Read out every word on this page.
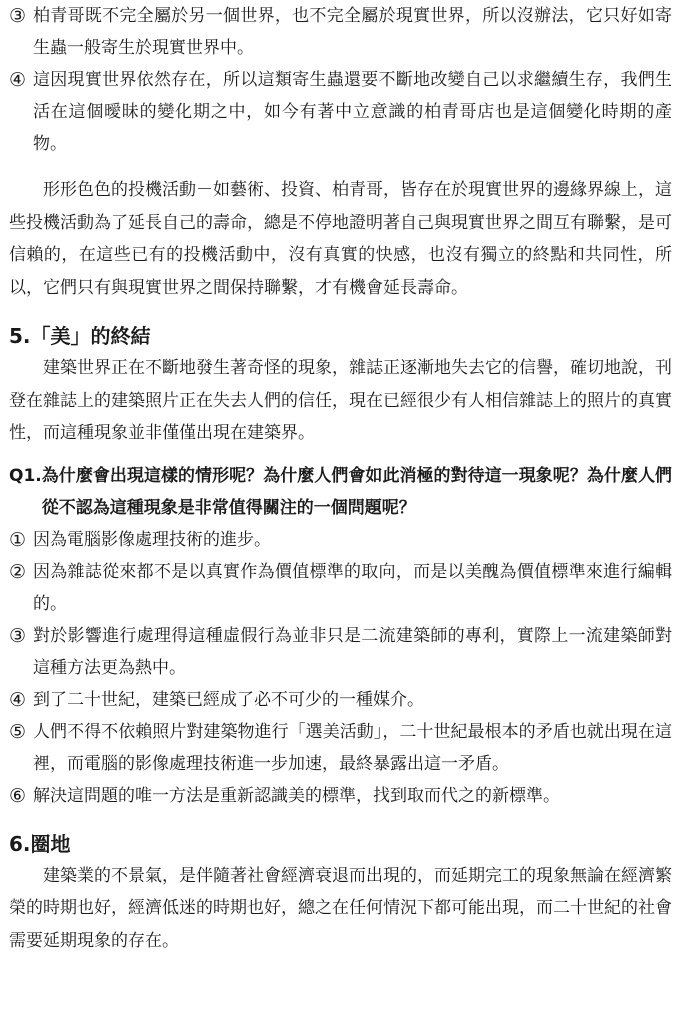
③ 柏青哥既不完全屬於另一個世界，也不完全屬於現實世界，所以沒辦法，它只好如寄生蟲一般寄生於現實世界中。
④ 這因現實世界依然存在，所以這類寄生蟲還要不斷地改變自己以求繼續生存，我們生活在這個曖昧的變化期之中，如今有著中立意識的柏青哥店也是這個變化時期的產物。

形形色色的投機活動－如藝術、投資、柏青哥，皆存在於現實世界的邊緣界線上，這些投機活動為了延長自己的壽命，總是不停地證明著自己與現實世界之間互有聯繫，是可信賴的，在這些已有的投機活動中，沒有真實的快感，也沒有獨立的終點和共同性，所以，它們只有與現實世界之間保持聯繫，才有機會延長壽命。

5.「美」的終結

建築世界正在不斷地發生著奇怪的現象，雜誌正逐漸地失去它的信譽，確切地說，刊登在雜誌上的建築照片正在失去人們的信任，現在已經很少有人相信雜誌上的照片的真實性，而這種現象並非僅僅出現在建築界。

Q1. 為什麼會出現這樣的情形呢？為什麼人們會如此消極的對待這一現象呢？為什麼人們從不認為這種現象是非常值得關注的一個問題呢？
① 因為電腦影像處理技術的進步。
② 因為雜誌從來都不是以真實作為價值標準的取向，而是以美醜為價值標準來進行編輯的。
③ 對於影響進行處理得這種虛假行為並非只是二流建築師的專利，實際上一流建築師對這種方法更為熱中。
④ 到了二十世紀，建築已經成了必不可少的一種媒介。
⑤ 人們不得不依賴照片對建築物進行「選美活動」，二十世紀最根本的矛盾也就出現在這裡，而電腦的影像處理技術進一步加速，最終暴露出這一矛盾。
⑥ 解決這問題的唯一方法是重新認識美的標準，找到取而代之的新標準。
6.圈地

建築業的不景氣，是伴隨著社會經濟衰退而出現的，而延期完工的現象無論在經濟繁榮的時期也好，經濟低迷的時期也好，總之在任何情況下都可能出現，而二十世紀的社會需要延期現象的存在。
